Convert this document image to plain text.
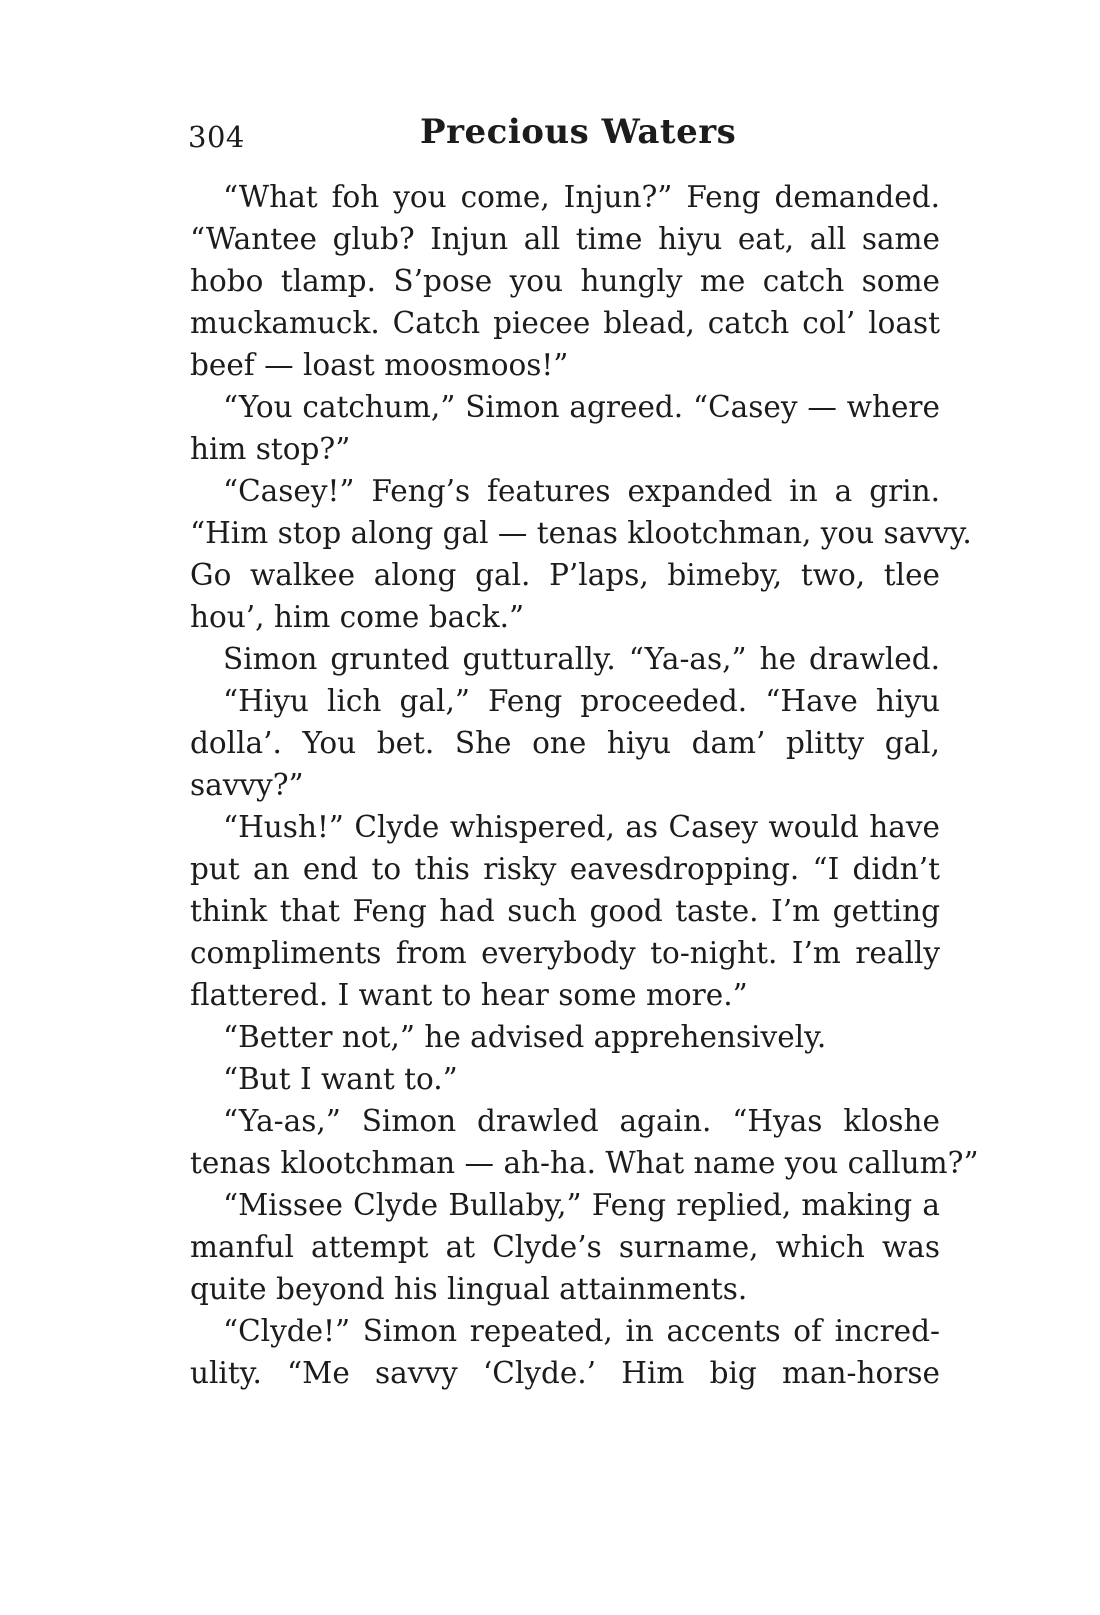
304	Precious Waters
“What foh you come, Injun?” Feng demanded.
“Wantee glub? Injun all time hiyu eat, all same
hobo tlamp. S’pose you hungly me catch some
muckamuck. Catch piecee blead, catch col’ loast
beef — loast moosmoos!”
“You catchum,” Simon agreed. “Casey — where
him stop?”
“Casey!” Feng’s features expanded in a grin.
“Him stop along gal — tenas klootchman, you savvy.
Go walkee along gal. P’laps, bimeby, two, tlee
hou’, him come back.”
Simon grunted gutturally. “Ya-as,” he drawled.
“Hiyu lich gal,” Feng proceeded. “Have hiyu
dolla’. You bet. She one hiyu dam’ plitty gal,
savvy?”
“Hush!” Clyde whispered, as Casey would have
put an end to this risky eavesdropping. “I didn’t
think that Feng had such good taste. I’m getting
compliments from everybody to-night. I’m really
flattered. I want to hear some more.”
“Better not,” he advised apprehensively.
“But I want to.”
“Ya-as,” Simon drawled again. “Hyas kloshe
tenas klootchman — ah-ha. What name you callum?”
“Missee Clyde Bullaby,” Feng replied, making a
manful attempt at Clyde’s surname, which was
quite beyond his lingual attainments.
“Clyde!” Simon repeated, in accents of incred-
ulity. “Me savvy ‘Clyde.’ Him big man-horse
